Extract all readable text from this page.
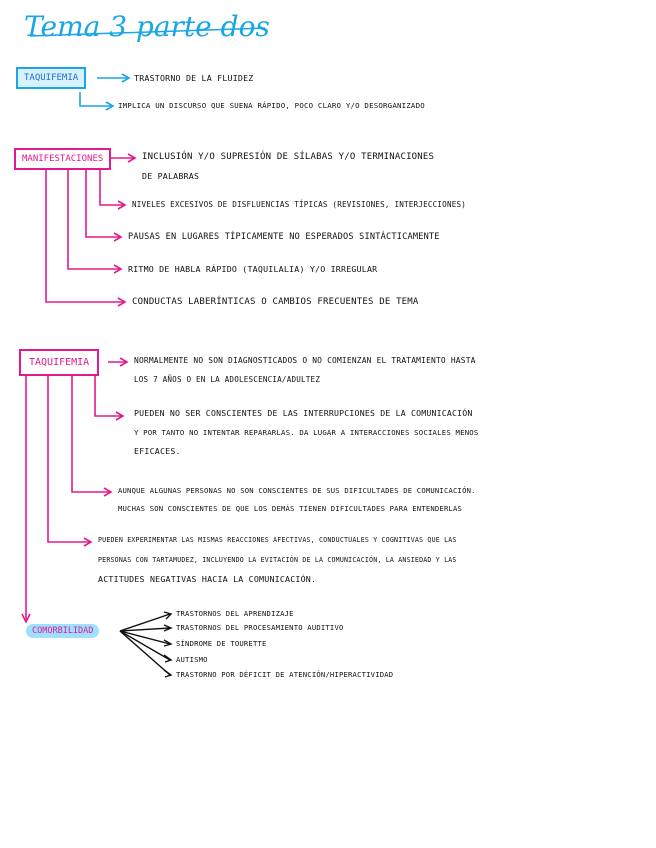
Tema 3 parte dos
TAQUIFEMIA	TRASTORNO DE LA FLUIDEZ
IMPLICA UN DISCURSO QUE SUENA RÁPIDO, POCO CLARO Y/O DESORGANIZADO
MANIFESTACIONES	INCLUSIÓN Y/O SUPRESIÓN DE SÍLABAS Y/O TERMINACIONES
DE PALABRAS
NIVELES EXCESIVOS DE DISFLUENCIAS TÍPICAS (REVISIONES, INTERJECCIONES)
PAUSAS EN LUGARES TÍPICAMENTE NO ESPERADOS SINTÁCTICAMENTE
RITMO DE HABLA RÁPIDO (TAQUILALIA) Y/O IRREGULAR
CONDUCTAS LABERÍNTICAS O CAMBIOS FRECUENTES DE TEMA
TAQUIFEMIA	NORMALMENTE NO SON DIAGNOSTICADOS O NO COMIENZAN EL TRATAMIENTO HASTA
LOS 7 AÑOS O EN LA ADOLESCENCIA/ADULTEZ
PUEDEN NO SER CONSCIENTES DE LAS INTERRUPCIONES DE LA COMUNICACIÓN
Y POR TANTO NO INTENTAR REPARARLAS. DA LUGAR A INTERACCIONES SOCIALES MENOS
EFICACES.
AUNQUE ALGUNAS PERSONAS NO SON CONSCIENTES DE SUS DIFICULTADES DE COMUNICACIÓN.
MUCHAS SON CONSCIENTES DE QUE LOS DEMÁS TIENEN DIFICULTADES PARA ENTENDERLAS
PUEDEN EXPERIMENTAR LAS MISMAS REACCIONES AFECTIVAS, CONDUCTUALES Y COGNITIVAS QUE LAS
PERSONAS CON TARTAMUDEZ, INCLUYENDO LA EVITACIÓN DE LA COMUNICACIÓN, LA ANSIEDAD Y LAS
ACTITUDES NEGATIVAS HACIA LA COMUNICACIÓN.
COMORBILIDAD
TRASTORNOS DEL APRENDIZAJE
TRASTORNOS DEL PROCESAMIENTO AUDITIVO
SÍNDROME DE TOURETTE
AUTISMO
TRASTORNO POR DÉFICIT DE ATENCIÓN/HIPERACTIVIDAD
